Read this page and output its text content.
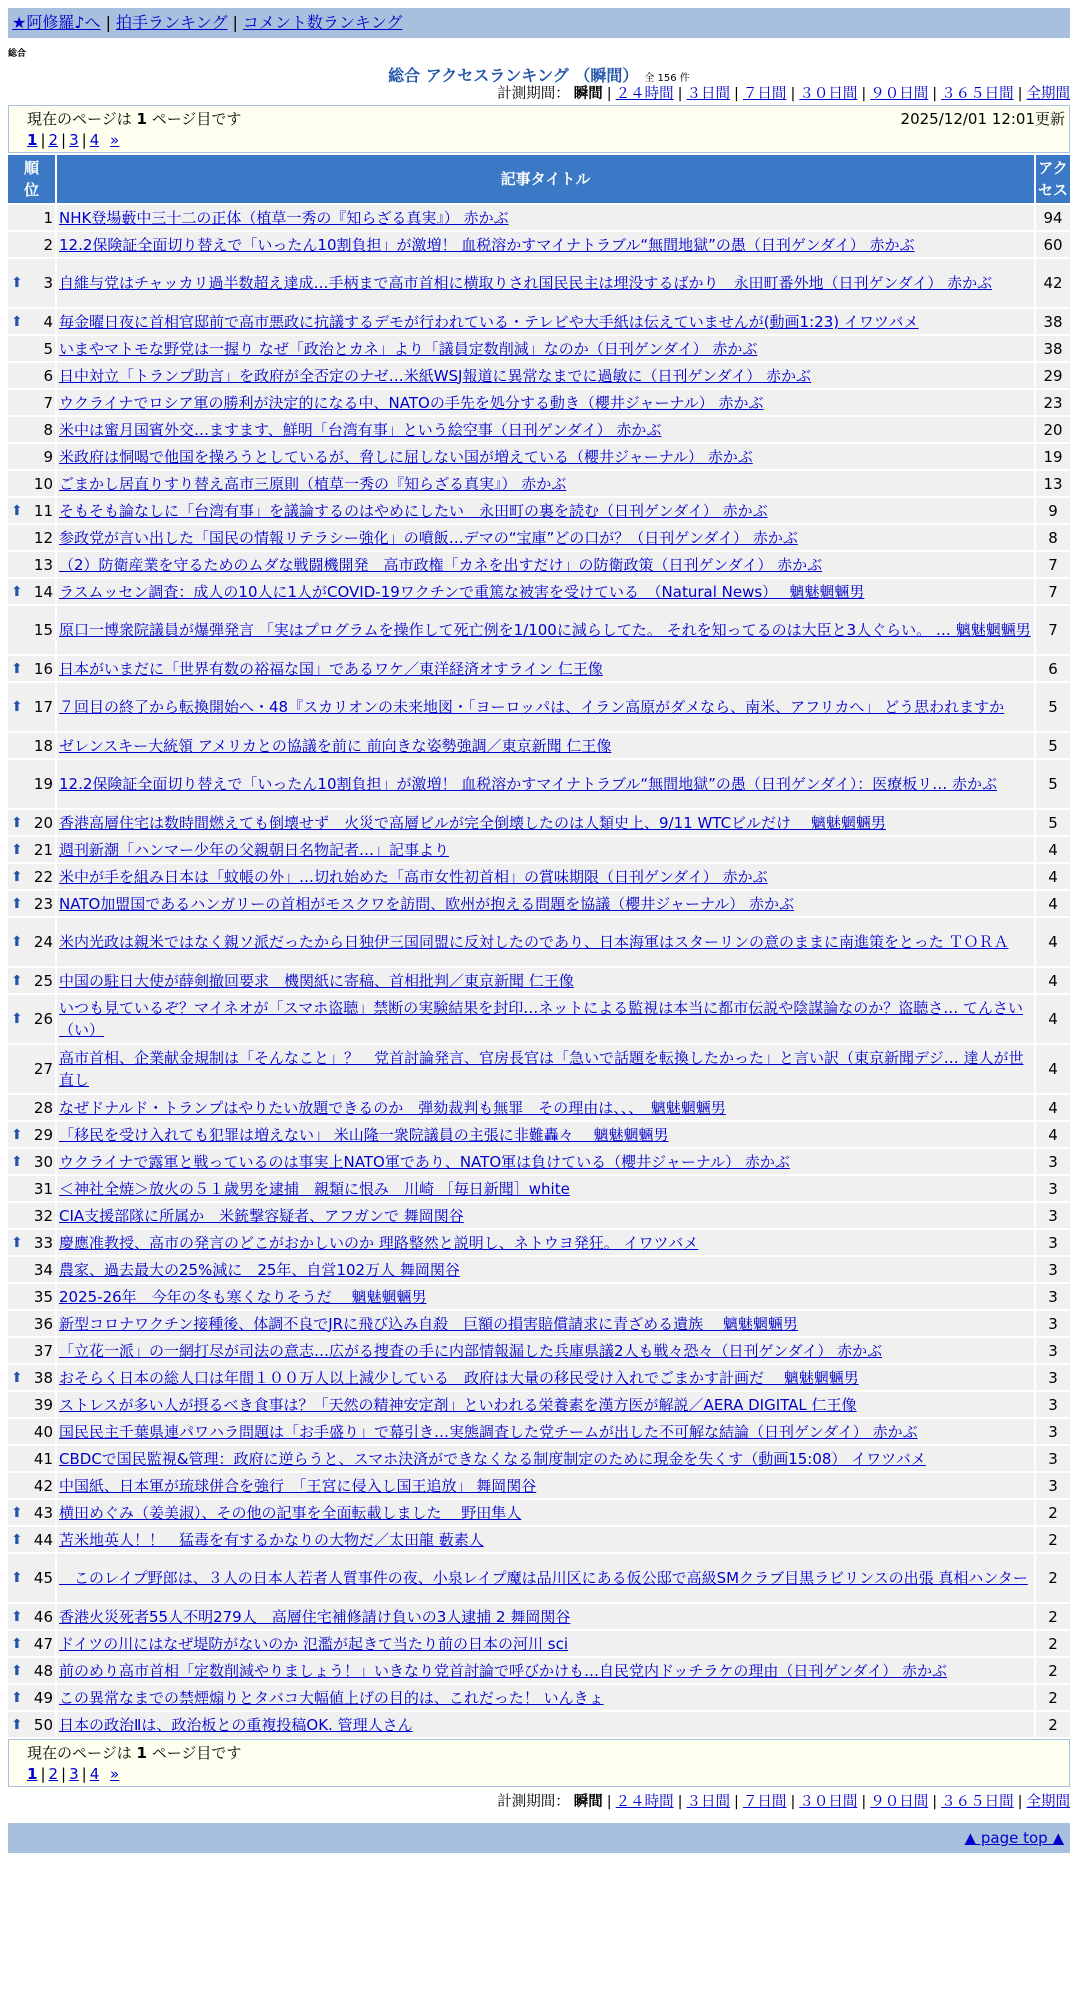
★阿修羅♪へ | 拍手ランキング | コメント数ランキング
総合
総合 アクセスランキング （瞬間） 全 156 件
計測期間： 瞬間 | ２４時間 | ３日間 | ７日間 | ３０日間 | ９０日間 | ３６５日間 | 全期間
現在のページは 1 ページ目です	2025/12/01 12:01更新
1 | 2 | 3 | 4 »
順位	記事タイトル	アクセス

1	NHK登場藪中三十二の正体（植草一秀の『知らざる真実』） 赤かぶ	94
2	12.2保険証全面切り替えで「いったん10割負担」が激増！ 血税溶かすマイナトラブル“無間地獄”の愚（日刊ゲンダイ） 赤かぶ	60

⬆ 3	自維与党はチャッカリ過半数超え達成…手柄まで高市首相に横取りされ国民民主は埋没するばかり　永田町番外地（日刊ゲンダイ） 赤かぶ	42

⬆ 4	毎金曜日夜に首相官邸前で高市悪政に抗議するデモが行われている・テレビや大手紙は伝えていませんが(動画1:23) イワツバメ	38
5	いまやマトモな野党は一握り なぜ「政治とカネ」より「議員定数削減」なのか（日刊ゲンダイ） 赤かぶ	38
6	日中対立「トランプ助言」を政府が全否定のナゼ…米紙WSJ報道に異常なまでに過敏に（日刊ゲンダイ） 赤かぶ	29
7	ウクライナでロシア軍の勝利が決定的になる中、NATOの手先を処分する動き（櫻井ジャーナル） 赤かぶ	23
8	米中は蜜月国賓外交…ますます、鮮明「台湾有事」という絵空事（日刊ゲンダイ） 赤かぶ	20
9	米政府は恫喝で他国を操ろうとしているが、脅しに屈しない国が増えている（櫻井ジャーナル） 赤かぶ	19
10	ごまかし居直りすり替え高市三原則（植草一秀の『知らざる真実』） 赤かぶ	13

⬆ 11	そもそも論なしに「台湾有事」を議論するのはやめにしたい　永田町の裏を読む（日刊ゲンダイ） 赤かぶ	9
12	参政党が言い出した「国民の情報リテラシー強化」の噴飯…デマの“宝庫”どの口が？（日刊ゲンダイ） 赤かぶ	8
13	（2）防衛産業を守るためのムダな戦闘機開発　高市政権「カネを出すだけ」の防衛政策（日刊ゲンダイ） 赤かぶ	7

⬆ 14	ラスムッセン調査：成人の10人に1人がCOVID-19ワクチンで重篤な被害を受けている　（Natural News）　 魑魅魍魎男	7
15	原口一博衆院議員が爆弾発言 「実はプログラムを操作して死亡例を1/100に減らしてた。 それを知ってるのは大臣と3人ぐらい。 … 魑魅魍魎男	7

⬆ 16	日本がいまだに「世界有数の裕福な国」であるワケ／東洋経済オすライン 仁王像	6

⬆ 17	７回目の終了から転換開始へ・48『スカリオンの未来地図・「ヨーロッパは、イラン高原がダメなら、南米、アフリカへ」 どう思われますか	5
18	ゼレンスキー大統領 アメリカとの協議を前に 前向きな姿勢強調／東京新聞 仁王像	5
19	12.2保険証全面切り替えで「いったん10割負担」が激増！ 血税溶かすマイナトラブル“無間地獄”の愚（日刊ゲンダイ）：医療板リ… 赤かぶ	5

⬆ 20	香港高層住宅は数時間燃えても倒壊せず　火災で高層ビルが完全倒壊したのは人類史上、9/11 WTCビルだけ　 魑魅魍魎男	5

⬆ 21	週刊新潮「ハンマー少年の父親朝日名物記者…」記事より	4

⬆ 22	米中が手を組み日本は「蚊帳の外」…切れ始めた「高市女性初首相」の賞味期限（日刊ゲンダイ） 赤かぶ	4

⬆ 23	NATO加盟国であるハンガリーの首相がモスクワを訪問、欧州が抱える問題を協議（櫻井ジャーナル） 赤かぶ	4

⬆ 24	米内光政は親米ではなく親ソ派だったから日独伊三国同盟に反対したのであり、日本海軍はスターリンの意のままに南進策をとった ＴＯＲＡ	4

⬆ 25	中国の駐日大使が薛剣撤回要求　機関紙に寄稿、首相批判／東京新聞 仁王像	4

⬆ 26	いつも見ているぞ？マイネオが「スマホ盗聴」禁断の実験結果を封印…ネットによる監視は本当に都市伝説や陰謀論なのか？盗聴さ… てんさい（い）	4
27	高市首相、企業献金規制は「そんなこと」？　党首討論発言、官房長官は「急いで話題を転換したかった」と言い訳（東京新聞デジ… 達人が世直し	4
28	なぜドナルド・トランプはやりたい放題できるのか　弾劾裁判も無罪　その理由は、、、　魑魅魍魎男	4

⬆ 29	「移民を受け入れても犯罪は増えない」 米山隆一衆院議員の主張に非難轟々　 魑魅魍魎男	4

⬆ 30	ウクライナで露軍と戦っているのは事実上NATO軍であり、NATO軍は負けている（櫻井ジャーナル） 赤かぶ	3
31	＜神社全焼＞放火の５１歳男を逮捕　親類に恨み　川崎 ［毎日新聞］white	3
32	CIA支援部隊に所属か　米銃撃容疑者、アフガンで 舞岡関谷	3

⬆ 33	慶應准教授、高市の発言のどこがおかしいのか 理路整然と説明し、ネトウヨ発狂。 イワツバメ	3
34	農家、過去最大の25%減に　25年、自営102万人 舞岡関谷	3
35	2025-26年　今年の冬も寒くなりそうだ　 魑魅魍魎男	3
36	新型コロナワクチン接種後、体調不良でJRに飛び込み自殺　巨額の損害賠償請求に青ざめる遺族　 魑魅魍魎男	3
37	「立花一派」の一網打尽が司法の意志…広がる捜査の手に内部情報漏した兵庫県議2人も戦々恐々（日刊ゲンダイ） 赤かぶ	3

⬆ 38	おそらく日本の総人口は年間１００万人以上減少している　政府は大量の移民受け入れでごまかす計画だ　 魑魅魍魎男	3
39	ストレスが多い人が摂るべき食事は？「天然の精神安定剤」といわれる栄養素を漢方医が解説／AERA DIGITAL 仁王像	3
40	国民民主千葉県連パワハラ問題は「お手盛り」で幕引き…実態調査した党チームが出した不可解な結論（日刊ゲンダイ） 赤かぶ	3
41	CBDCで国民監視&管理：政府に逆らうと、スマホ決済ができなくなる制度制定のために現金を失くす（動画15:08） イワツバメ	3
42	中国紙、日本軍が琉球併合を強行　「王宮に侵入し国王追放」 舞岡関谷	3

⬆ 43	横田めぐみ（姜美淑）、その他の記事を全面転載しました　 野田隼人	2

⬆ 44	苫米地英人！！　猛毒を有するかなりの大物だ／太田龍 藪素人	2

⬆ 45	　このレイプ野郎は、３人の日本人若者人質事件の夜、小泉レイプ魔は品川区にある仮公邸で高級SMクラブ目黒ラビリンスの出張 真相ハンター	2

⬆ 46	香港火災死者55人不明279人　高層住宅補修請け負いの3人逮捕 2 舞岡関谷	2

⬆ 47	ドイツの川にはなぜ堤防がないのか 氾濫が起きて当たり前の日本の河川 sci	2

⬆ 48	前のめり高市首相「定数削減やりましょう！」いきなり党首討論で呼びかけも…自民党内ドッチラケの理由（日刊ゲンダイ） 赤かぶ	2

⬆ 49	この異常なまでの禁煙煽りとタバコ大幅値上げの目的は、これだった！ いんきょ	2

⬆ 50	日本の政治Ⅱは、政治板との重複投稿OK. 管理人さん	2
現在のページは 1 ページ目です
1 | 2 | 3 | 4 »
計測期間： 瞬間 | ２４時間 | ３日間 | ７日間 | ３０日間 | ９０日間 | ３６５日間 | 全期間
▲ page top ▲
